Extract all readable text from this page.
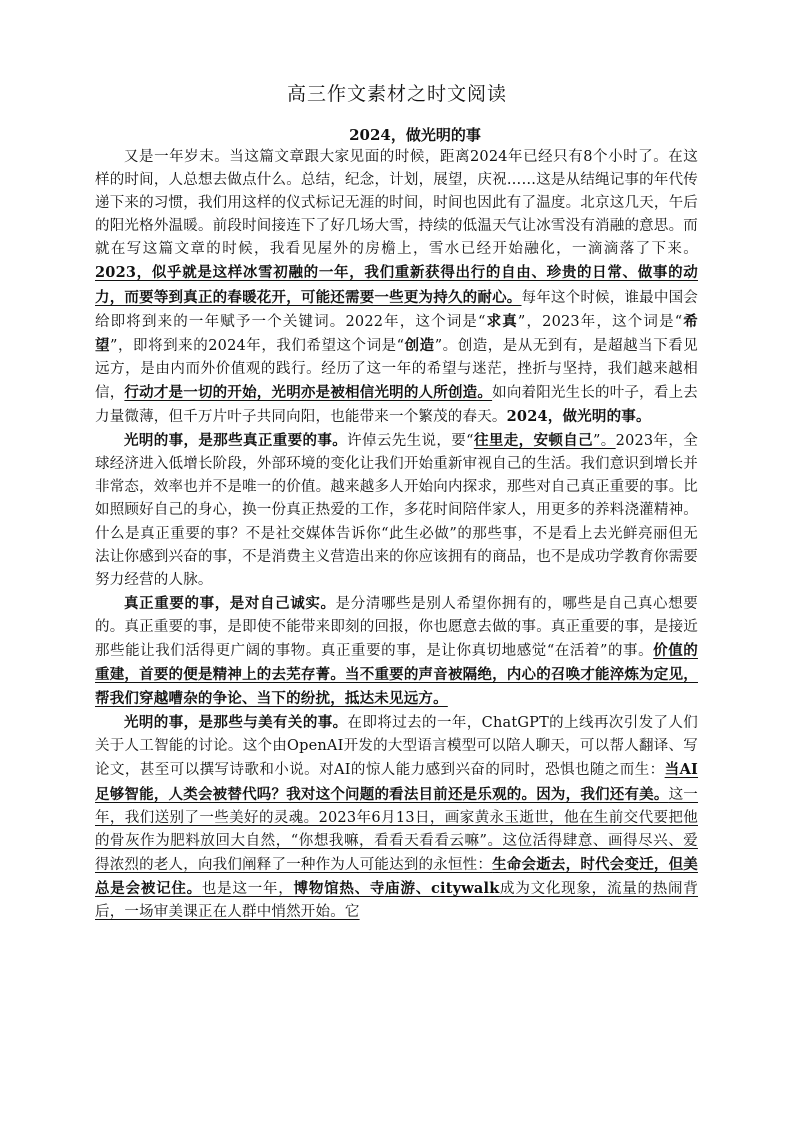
高三作文素材之时文阅读
2024，做光明的事

又是一年岁末。当这篇文章跟大家见面的时候，距离2024年已经只有8个小时了。在这样的时间，人总想去做点什么。总结，纪念，计划，展望，庆祝……这是从结绳记事的年代传递下来的习惯，我们用这样的仪式标记无涯的时间，时间也因此有了温度。北京这几天，午后的阳光格外温暖。前段时间接连下了好几场大雪，持续的低温天气让冰雪没有消融的意思。而就在写这篇文章的时候，我看见屋外的房檐上，雪水已经开始融化，一滴滴落了下来。2023，似乎就是这样冰雪初融的一年，我们重新获得出行的自由、珍贵的日常、做事的动力，而要等到真正的春暖花开，可能还需要一些更为持久的耐心。每年这个时候，谁最中国会给即将到来的一年赋予一个关键词。2022年，这个词是“求真”，2023年，这个词是“希望”，即将到来的2024年，我们希望这个词是“创造”。创造，是从无到有，是超越当下看见远方，是由内而外价值观的践行。经历了这一年的希望与迷茫，挫折与坚持，我们越来越相信，行动才是一切的开始，光明亦是被相信光明的人所创造。如向着阳光生长的叶子，看上去力量微薄，但千万片叶子共同向阳，也能带来一个繁茂的春天。2024，做光明的事。

光明的事，是那些真正重要的事。许倬云先生说，要“往里走，安顿自己”。2023年，全球经济进入低增长阶段，外部环境的变化让我们开始重新审视自己的生活。我们意识到增长并非常态，效率也并不是唯一的价值。越来越多人开始向内探求，那些对自己真正重要的事。比如照顾好自己的身心，换一份真正热爱的工作，多花时间陪伴家人，用更多的养料浇灌精神。什么是真正重要的事？不是社交媒体告诉你“此生必做”的那些事，不是看上去光鲜亮丽但无法让你感到兴奋的事，不是消费主义营造出来的你应该拥有的商品，也不是成功学教育你需要努力经营的人脉。

真正重要的事，是对自己诚实。是分清哪些是别人希望你拥有的，哪些是自己真心想要的。真正重要的事，是即使不能带来即刻的回报，你也愿意去做的事。真正重要的事，是接近那些能让我们活得更广阔的事物。真正重要的事，是让你真切地感觉“在活着”的事。价值的重建，首要的便是精神上的去芜存菁。当不重要的声音被隔绝，内心的召唤才能淬炼为定见，帮我们穿越嘈杂的争论、当下的纷扰，抵达未见远方。

光明的事，是那些与美有关的事。在即将过去的一年，ChatGPT的上线再次引发了人们关于人工智能的讨论。这个由OpenAI开发的大型语言模型可以陪人聊天，可以帮人翻译、写论文，甚至可以撰写诗歌和小说。对AI的惊人能力感到兴奋的同时，恐惧也随之而生：当AI足够智能，人类会被替代吗？我对这个问题的看法目前还是乐观的。因为，我们还有美。这一年，我们送别了一些美好的灵魂。2023年6月13日，画家黄永玉逝世，他在生前交代要把他的骨灰作为肥料放回大自然，“你想我嘛，看看天看看云嘛”。这位活得肆意、画得尽兴、爱得浓烈的老人，向我们阐释了一种作为人可能达到的永恒性：生命会逝去，时代会变迁，但美总是会被记住。也是这一年，博物馆热、寺庙游、citywalk成为文化现象，流量的热闹背后，一场审美课正在人群中悄然开始。它
